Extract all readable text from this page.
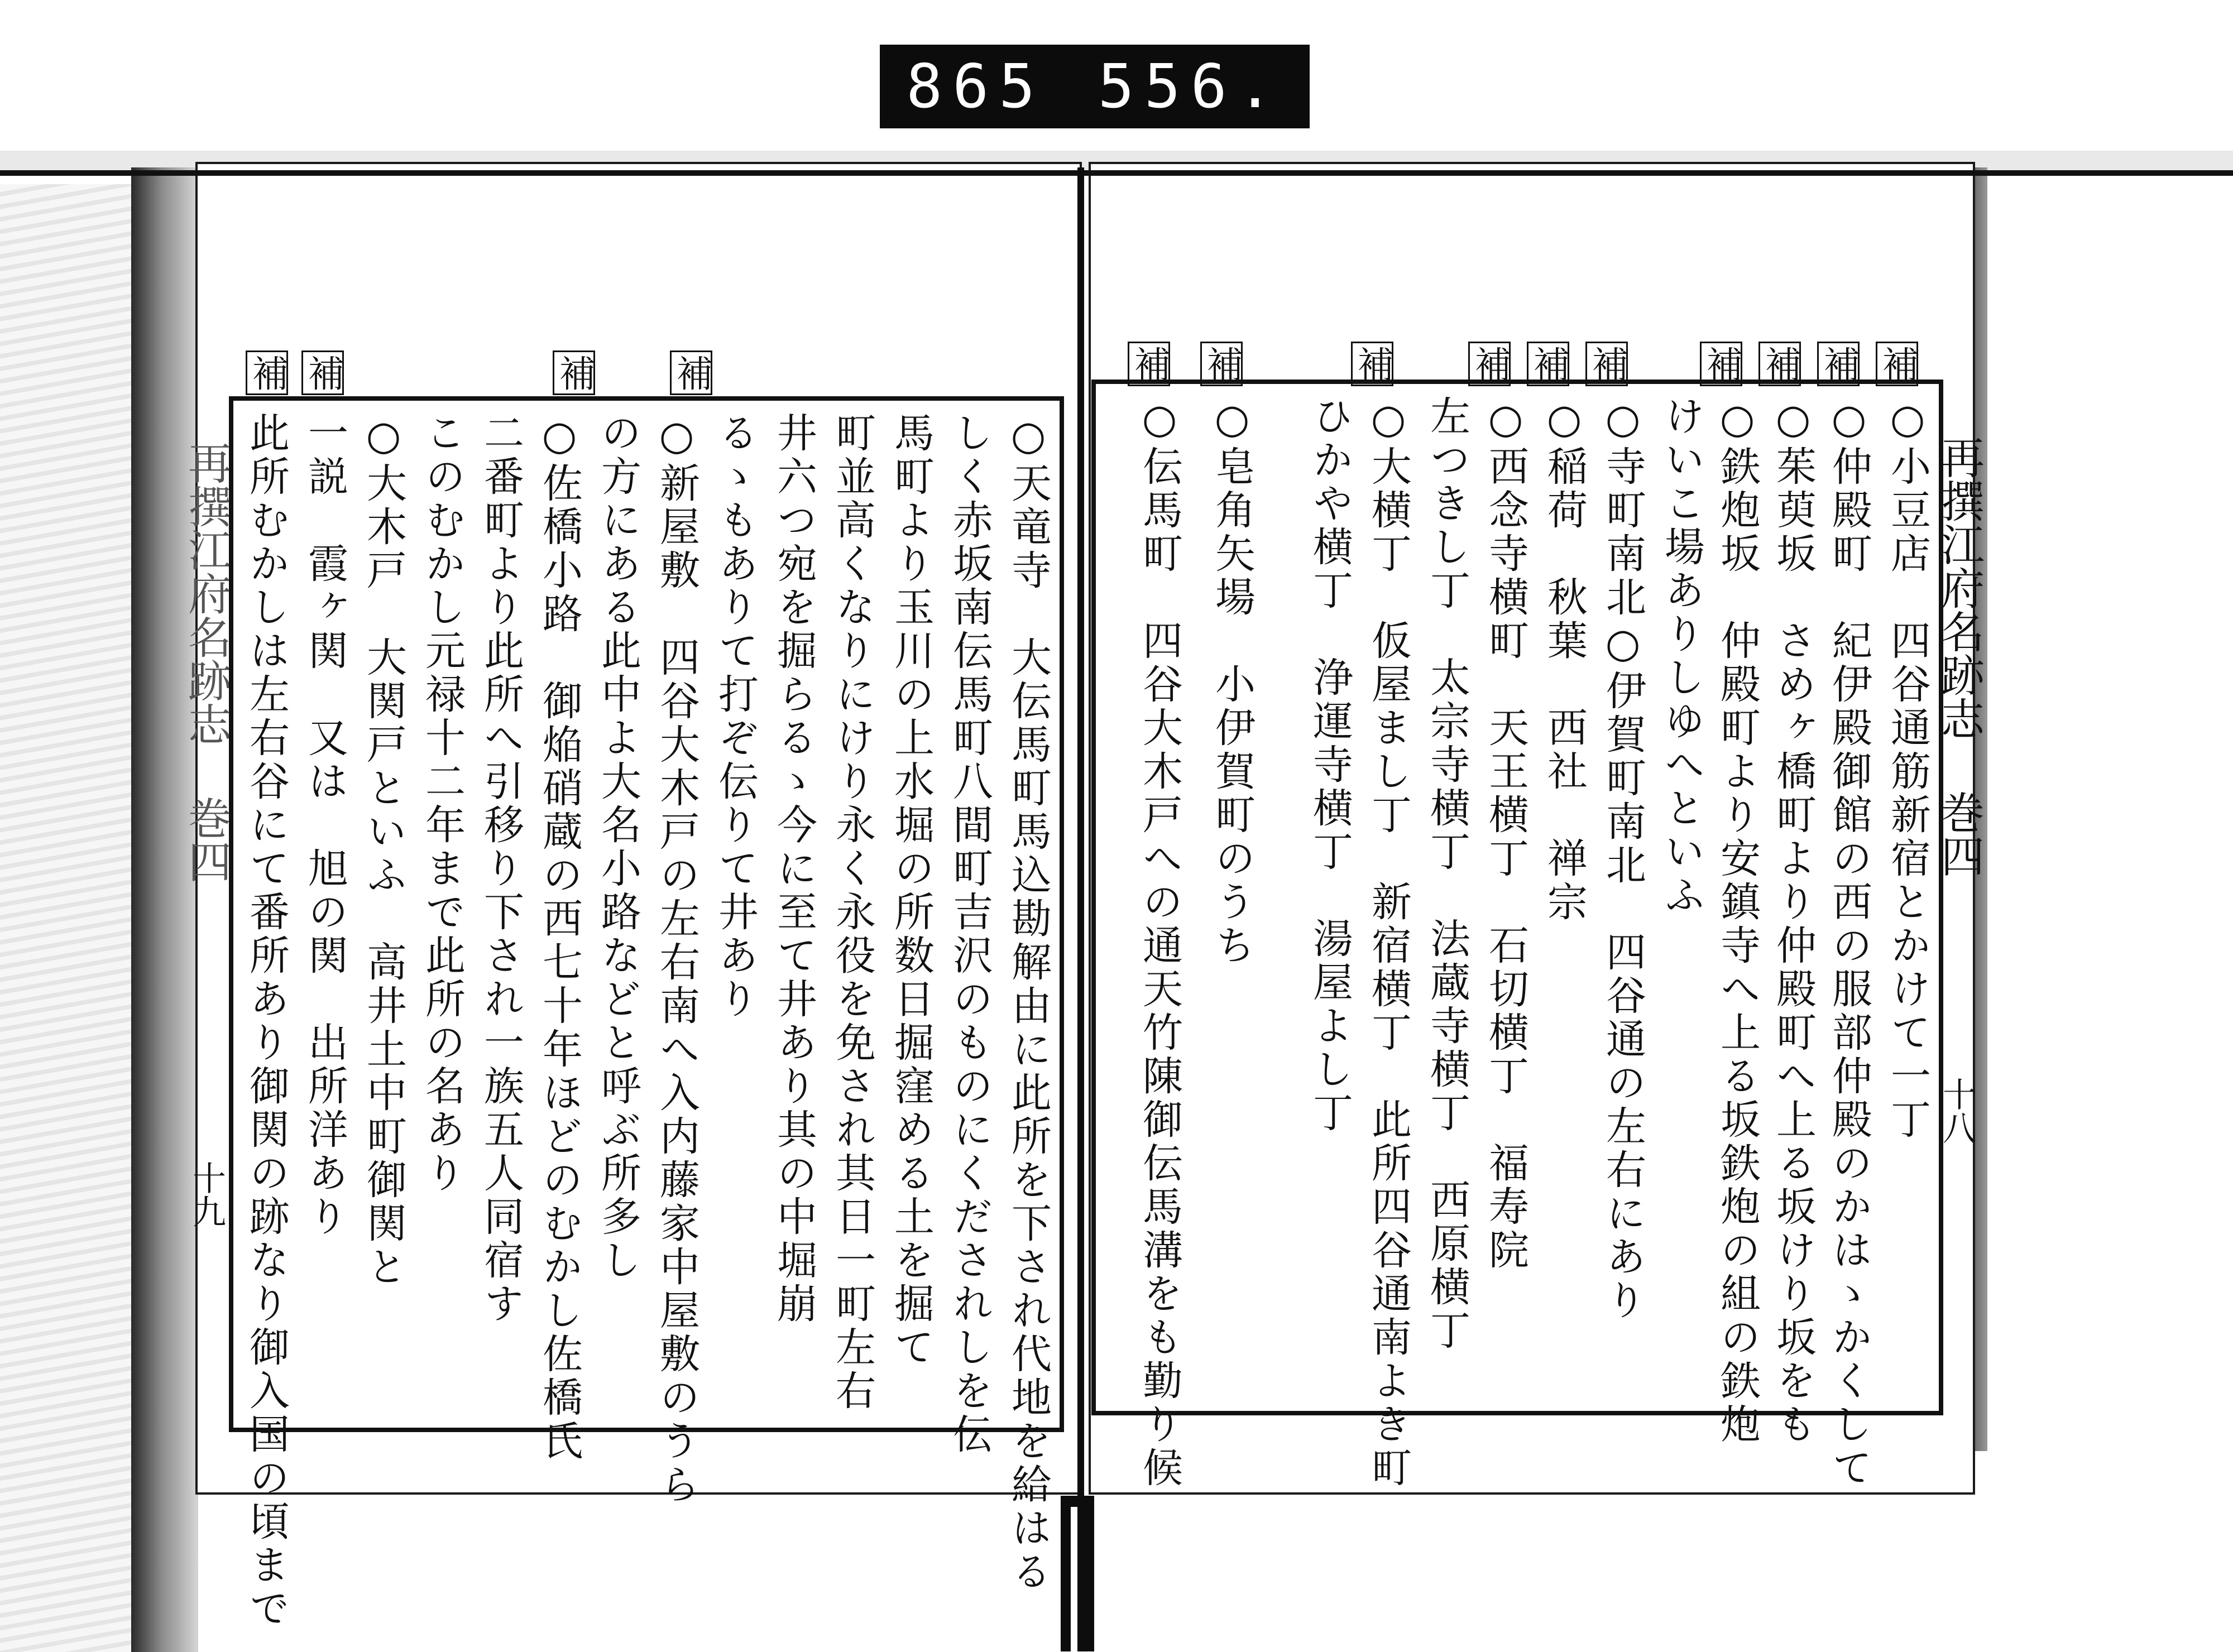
865 556.
再撰江府名跡志 巻四
再撰江府名跡志 巻四
十八
十九
補
補
補
補
補
補
補
補
補
補
補
補
補
補
○小豆店　四谷通筋新宿とかけて一丁
○仲殿町　紀伊殿御館の西の服部仲殿のかはゝかくして
○茱萸坂　さめヶ橋町より仲殿町へ上る坂けり坂をも
○鉄炮坂　仲殿町より安鎮寺へ上る坂鉄炮の組の鉄炮
けいこ場ありしゆへといふ
○寺町南北○伊賀町南北　四谷通の左右にあり
○稲荷　秋葉　西社　禅宗
○西念寺横町　天王横丁　石切横丁　福寿院
左つきし丁　太宗寺横丁　法蔵寺横丁　西原横丁
○大横丁　仮屋まし丁　新宿横丁　此所四谷通南よき町
ひかや横丁　浄運寺横丁　湯屋よし丁
○皂角矢場　小伊賀町のうち
○伝馬町　四谷大木戸への通天竹陳御伝馬溝をも勤り候
○天竜寺　大伝馬町馬込勘解由に此所を下され代地を給はる
しく赤坂南伝馬町八間町吉沢のものにくだされしを伝
馬町より玉川の上水堀の所数日掘窪める土を掘て
町並高くなりにけり永く永役を免され其日一町左右
井六つ宛を掘らるゝ今に至て井あり其の中堀崩
るゝもありて打ぞ伝りて井あり
○新屋敷　四谷大木戸の左右南へ入内藤家中屋敷のうら
の方にある此中よ大名小路などと呼ぶ所多し
○佐橋小路　御焔硝蔵の西七十年ほどのむかし佐橋氏
二番町より此所へ引移り下され一族五人同宿す
このむかし元禄十二年まで此所の名あり
○大木戸　大関戸といふ　高井土中町御関と
一説　霞ヶ関　又は　旭の関　出所洋あり
此所むかしは左右谷にて番所あり御関の跡なり御入国の頃まで
